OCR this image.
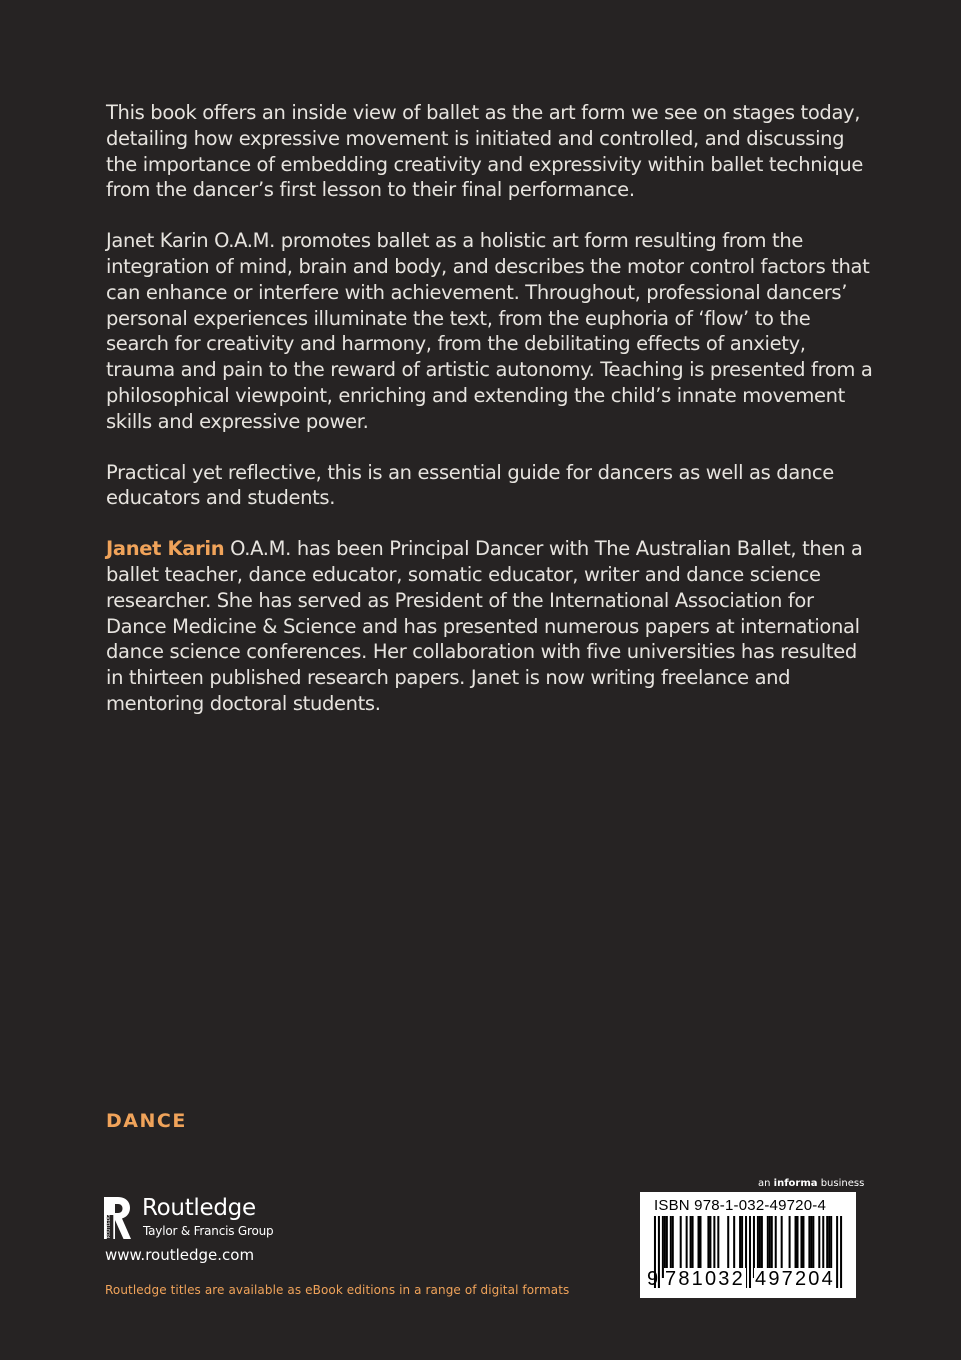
This book offers an inside view of ballet as the art form we see on stages today, detailing how expressive movement is initiated and controlled, and discussing the importance of embedding creativity and expressivity within ballet technique from the dancer’s first lesson to their final performance.

Janet Karin O.A.M. promotes ballet as a holistic art form resulting from the integration of mind, brain and body, and describes the motor control factors that can enhance or interfere with achievement. Throughout, professional dancers’ personal experiences illuminate the text, from the euphoria of ‘flow’ to the search for creativity and harmony, from the debilitating effects of anxiety, trauma and pain to the reward of artistic autonomy. Teaching is presented from a philosophical viewpoint, enriching and extending the child’s innate movement skills and expressive power.

Practical yet reflective, this is an essential guide for dancers as well as dance educators and students.

Janet Karin O.A.M. has been Principal Dancer with The Australian Ballet, then a ballet teacher, dance educator, somatic educator, writer and dance science researcher. She has served as President of the International Association for Dance Medicine & Science and has presented numerous papers at international dance science conferences. Her collaboration with five universities has resulted in thirteen published research papers. Janet is now writing freelance and mentoring doctoral students.

DANCE
ROUTLEDGE
Routledge
Taylor & Francis Group
www.routledge.com
Routledge titles are available as eBook editions in a range of digital formats
an informa business
ISBN 978-1-032-49720-4
9 781032 497204
